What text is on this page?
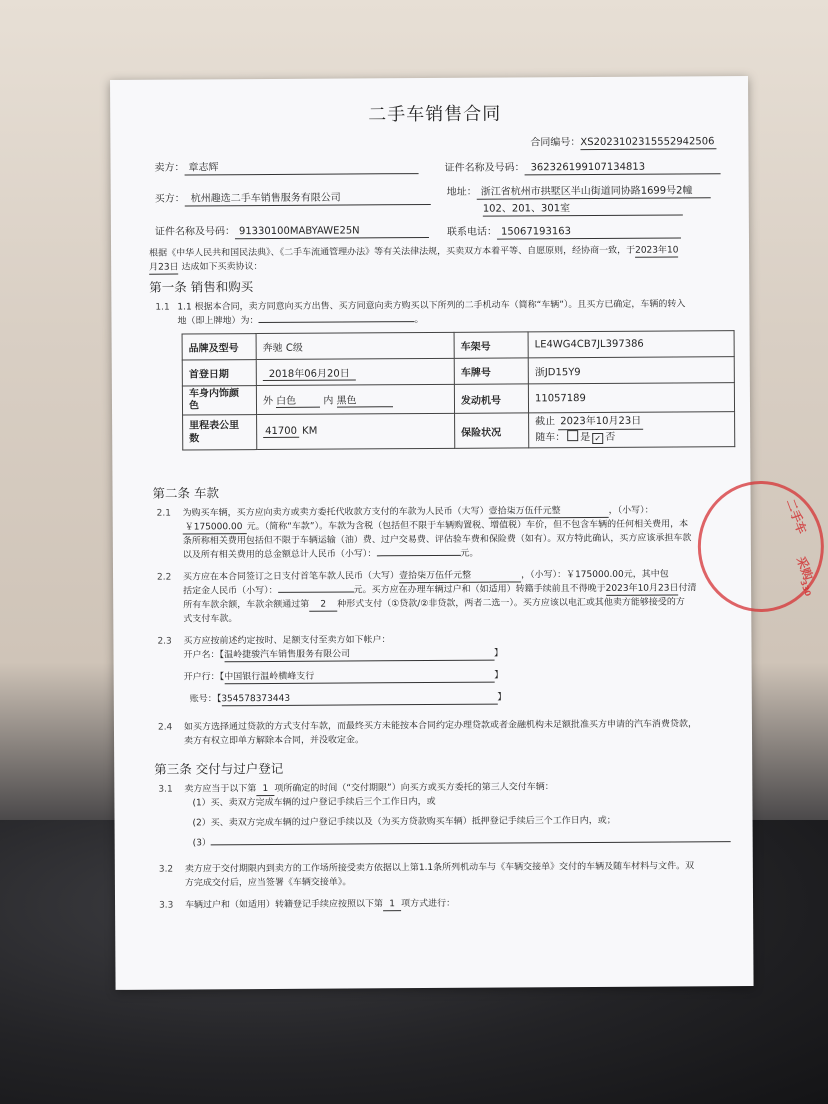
二手车销售合同
合同编号：XS2023102315552942506
卖方： 章志辉	证件名称及号码： 362326199107134813
买方： 杭州趣选二手车销售服务有限公司
地址： 浙江省杭州市拱墅区半山街道同协路1699号2幢
102、201、301室
证件名称及号码： 91330100MABYAWE25N	联系电话： 15067193163
根据《中华人民共和国民法典》、《二手车流通管理办法》等有关法律法规，买卖双方本着平等、自愿原则，经协商一致，于2023年10
月23日 达成如下买卖协议：
第一条 销售和购买
1.1 1.1 根据本合同，卖方同意向买方出售、买方同意向卖方购买以下所列的二手机动车（简称“车辆”）。且买方已确定，车辆的转入
地（即上牌地）为：	。
品牌及型号	奔驰 C级	车架号	LE4WG4CB7JL397386
首登日期	2018年06月20日	车牌号	浙JD15Y9
车身内饰颜
色	外 白色 内 黑色	发动机号	11057189
里程表公里
数	41700 KM	保险状况	截止 2023年10月23日
随车： 是 ✓ 否
第二条 车款
2.1 为购买车辆，买方应向卖方或卖方委托代收款方支付的车款为人民币（大写）壹拾柒万伍仟元整	，（小写）：
￥175000.00 元。（简称“车款”）。车款为含税（包括但不限于车辆购置税、增值税）车价，但不包含车辆的任何相关费用，本
条所称相关费用包括但不限于车辆运输（油）费、过户交易费、评估验车费和保险费（如有）。双方特此确认，买方应该承担车款
以及所有相关费用的总金额总计人民币（小写）：	元。
2.2 买方应在本合同签订之日支付首笔车款人民币（大写）壹拾柒万伍仟元整	，（小写）：￥175000.00元，其中包
括定金人民币（小写）：	元。买方应在办理车辆过户和（如适用）转籍手续前且不得晚于2023年10月23日付清
所有车款余额，车款余额通过第 2 种形式支付（①贷款/②非贷款，两者二选一）。买方应该以电汇或其他卖方能够接受的方
式支付车款。
2.3 买方应按前述约定按时、足额支付至卖方如下帐户：
开户名：【温岭捷骏汽车销售服务有限公司	】
开户行：【中国银行温岭横峰支行	】
账号：【354578373443	】
2.4 如买方选择通过贷款的方式支付车款，而最终买方未能按本合同约定办理贷款或者金融机构未足额批准买方申请的汽车消费贷款，
卖方有权立即单方解除本合同，并没收定金。
第三条 交付与过户登记
3.1 卖方应当于以下第 1 项所确定的时间（“交付期限”）向买方或买方委托的第三人交付车辆：
(1）买、卖双方完成车辆的过户登记手续后三个工作日内，或
(2）买、卖双方完成车辆的过户登记手续以及（为买方贷款购买车辆）抵押登记手续后三个工作日内，或；
(3）
3.2 卖方应于交付期限内到卖方的工作场所接受卖方依据以上第1.1条所列机动车与《车辆交接单》交付的车辆及随车材料与文件。双
方完成交付后，应当签署《车辆交接单》。
3.3 车辆过户和（如适用）转籍登记手续应按照以下第 1 项方式进行：
二手车
采购
330
